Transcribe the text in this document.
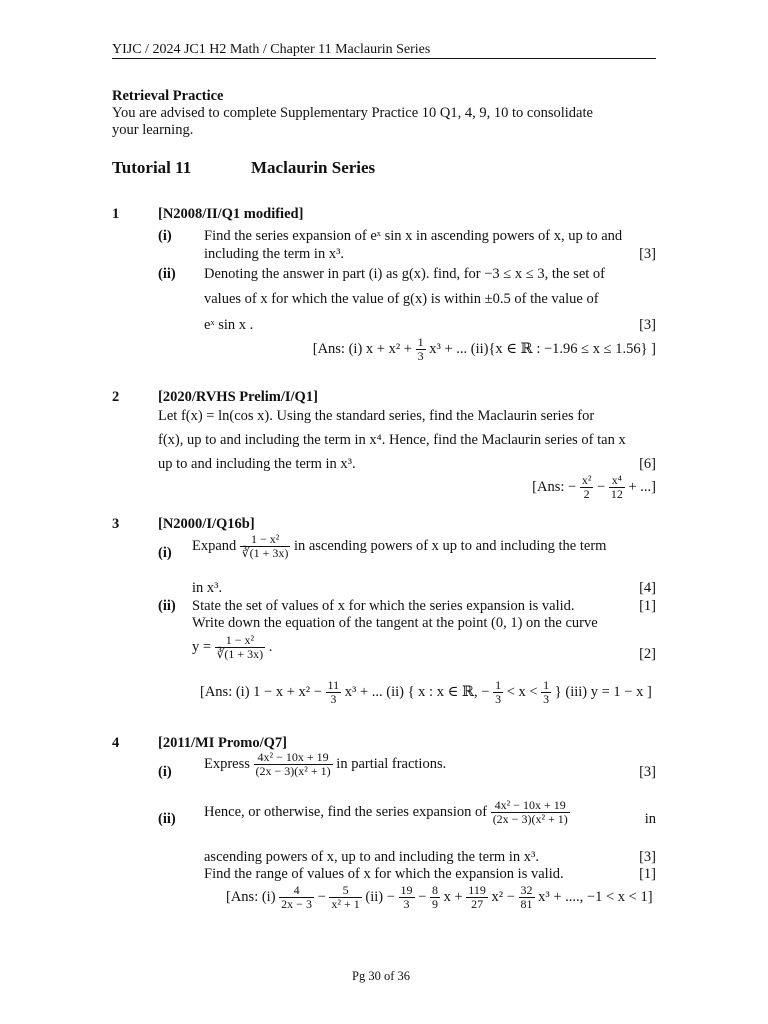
YIJC / 2024 JC1 H2 Math / Chapter 11 Maclaurin Series
Retrieval Practice
You are advised to complete Supplementary Practice 10 Q1, 4, 9, 10 to consolidate
your learning.
Tutorial 11	Maclaurin Series
1	[N2008/II/Q1 modified]
(i) Find the series expansion of eˣ sin x in ascending powers of x, up to and
including the term in x³.	[3]
(ii) Denoting the answer in part (i) as g(x). find, for −3 ≤ x ≤ 3, the set of
values of x for which the value of g(x) is within ±0.5 of the value of
eˣ sin x .	[3]
[Ans: (i) $x + x^2 + \frac{1}{3} x^3$ + ... (ii){x ∈ ℝ : −1.96 ≤ x ≤ 1.56} ]
2	[2020/RVHS Prelim/I/Q1]
Let f(x) = ln(cos x). Using the standard series, find the Maclaurin series for
f(x), up to and including the term in x⁴. Hence, find the Maclaurin series of tan x
up to and including the term in x³.	[6]
[Ans: − $\frac{\text{x²}}{2} - \frac{\text{x⁴}}{12}$ + ...]
3	[N2000/I/Q16b]
(i) Expand $\frac{\text{1 − x²}}{∛(1 + 3x)}$ in ascending powers of x up to and including the term
in x³.	[4]
(ii) State the set of values of x for which the series expansion is valid.	[1]
Write down the equation of the tangent at the point (0, 1) on the curve
$y = \frac{\text{1 − x²}}{∛(1 + 3x)}$ .	[2]
[Ans: (i) $1 - x + x^2 - \frac{11}{3} x^3$ + ... (ii) { x : x ∈ ℝ, − $\frac{1}{3} < x < \frac{1}{3}$ } (iii) y = 1 − x ]
4	[2011/MI Promo/Q7]
(i) Express $\frac{\text{4x² − 10x + 19}}{\text{(2x − 3)(x² + 1)}}$ in partial fractions.	[3]
(ii) Hence, or otherwise, find the series expansion of $\frac{\text{4x² − 10x + 19}}{\text{(2x − 3)(x² + 1)}}$	in
ascending powers of x, up to and including the term in x³.	[3]
Find the range of values of x for which the expansion is valid.	[1]
[Ans: $(i) \frac{4}{2x - 3} - \frac{5}{\text{x² + 1}} (ii) - \frac{19}{3} - \frac{8}{9}$ $x + \frac{119}{27} x^2 - \frac{32}{81} x^3$ + ...., −1 < x < 1]
Pg 30 of 36
